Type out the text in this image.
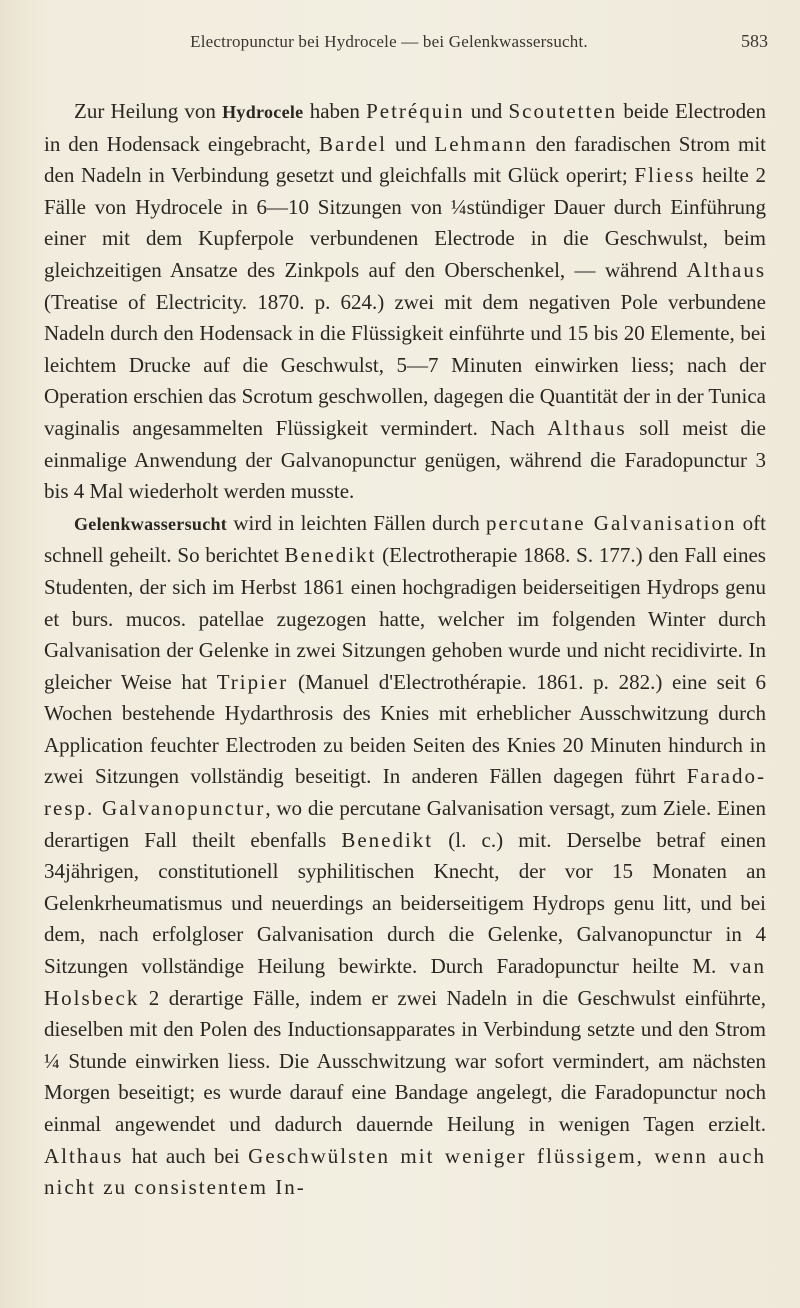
Electropunctur bei Hydrocele — bei Gelenkwassersucht.	583

Zur Heilung von Hydrocele haben Petréquin und Scoutetten beide Electroden in den Hodensack eingebracht, Bardel und Lehmann den faradischen Strom mit den Nadeln in Verbindung gesetzt und gleichfalls mit Glück operirt; Fliess heilte 2 Fälle von Hydrocele in 6—10 Sitzungen von ¼stündiger Dauer durch Einführung einer mit dem Kupferpole verbundenen Electrode in die Geschwulst, beim gleichzeitigen Ansatze des Zinkpols auf den Oberschenkel, — während Althaus (Treatise of Electricity. 1870. p. 624.) zwei mit dem negativen Pole verbundene Nadeln durch den Hodensack in die Flüssigkeit einführte und 15 bis 20 Elemente, bei leichtem Drucke auf die Geschwulst, 5—7 Minuten einwirken liess; nach der Operation erschien das Scrotum geschwollen, dagegen die Quantität der in der Tunica vaginalis angesammelten Flüssigkeit vermindert. Nach Althaus soll meist die einmalige Anwendung der Galvanopunctur genügen, während die Faradopunctur 3 bis 4 Mal wiederholt werden musste.

Gelenkwassersucht wird in leichten Fällen durch percutane Galvanisation oft schnell geheilt. So berichtet Benedikt (Electrotherapie 1868. S. 177.) den Fall eines Studenten, der sich im Herbst 1861 einen hochgradigen beiderseitigen Hydrops genu et burs. mucos. patellae zugezogen hatte, welcher im folgenden Winter durch Galvanisation der Gelenke in zwei Sitzungen gehoben wurde und nicht recidivirte. In gleicher Weise hat Tripier (Manuel d'Electrothérapie. 1861. p. 282.) eine seit 6 Wochen bestehende Hydarthrosis des Knies mit erheblicher Ausschwitzung durch Application feuchter Electroden zu beiden Seiten des Knies 20 Minuten hindurch in zwei Sitzungen vollständig beseitigt. In anderen Fällen dagegen führt Farado- resp. Galvanopunctur, wo die percutane Galvanisation versagt, zum Ziele. Einen derartigen Fall theilt ebenfalls Benedikt (l. c.) mit. Derselbe betraf einen 34jährigen, constitutionell syphilitischen Knecht, der vor 15 Monaten an Gelenkrheumatismus und neuerdings an beiderseitigem Hydrops genu litt, und bei dem, nach erfolgloser Galvanisation durch die Gelenke, Galvanopunctur in 4 Sitzungen vollständige Heilung bewirkte. Durch Faradopunctur heilte M. van Holsbeck 2 derartige Fälle, indem er zwei Nadeln in die Geschwulst einführte, dieselben mit den Polen des Inductionsapparates in Verbindung setzte und den Strom ¼ Stunde einwirken liess. Die Ausschwitzung war sofort vermindert, am nächsten Morgen beseitigt; es wurde darauf eine Bandage angelegt, die Faradopunctur noch einmal angewendet und dadurch dauernde Heilung in wenigen Tagen erzielt. Althaus hat auch bei Geschwülsten mit weniger flüssigem, wenn auch nicht zu consistentem In-
